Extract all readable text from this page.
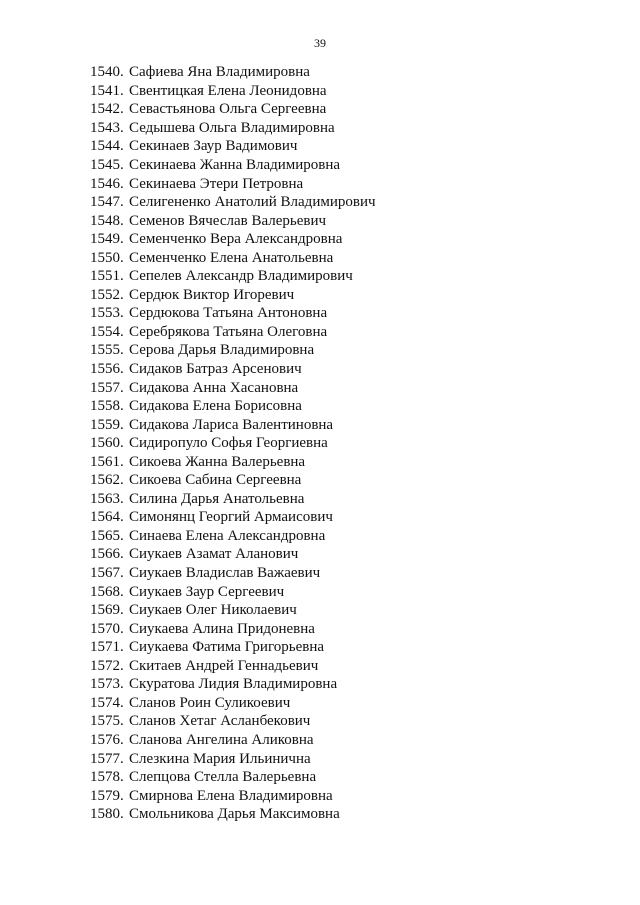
39
1540. Сафиева Яна Владимировна
1541. Свентицкая Елена Леонидовна
1542. Севастьянова Ольга Сергеевна
1543. Седышева Ольга Владимировна
1544. Секинаев Заур Вадимович
1545. Секинаева Жанна Владимировна
1546. Секинаева Этери Петровна
1547. Селигененко Анатолий Владимирович
1548. Семенов Вячеслав Валерьевич
1549. Семенченко Вера Александровна
1550. Семенченко Елена Анатольевна
1551. Сепелев Александр Владимирович
1552. Сердюк Виктор Игоревич
1553. Сердюкова Татьяна Антоновна
1554. Серебрякова Татьяна Олеговна
1555. Серова Дарья Владимировна
1556. Сидаков Батраз Арсенович
1557. Сидакова Анна Хасановна
1558. Сидакова Елена Борисовна
1559. Сидакова Лариса Валентиновна
1560. Сидиропуло Софья Георгиевна
1561. Сикоева Жанна Валерьевна
1562. Сикоева Сабина Сергеевна
1563. Силина Дарья Анатольевна
1564. Симонянц Георгий Армаисович
1565. Синаева Елена Александровна
1566. Сиукаев Азамат Аланович
1567. Сиукаев Владислав Важаевич
1568. Сиукаев Заур Сергеевич
1569. Сиукаев Олег Николаевич
1570. Сиукаева Алина Придоневна
1571. Сиукаева Фатима Григорьевна
1572. Скитаев Андрей Геннадьевич
1573. Скуратова Лидия Владимировна
1574. Сланов Роин Суликоевич
1575. Сланов Хетаг Асланбекович
1576. Сланова Ангелина Аликовна
1577. Слезкина Мария Ильинична
1578. Слепцова Стелла Валерьевна
1579. Смирнова Елена Владимировна
1580. Смольникова Дарья Максимовна
